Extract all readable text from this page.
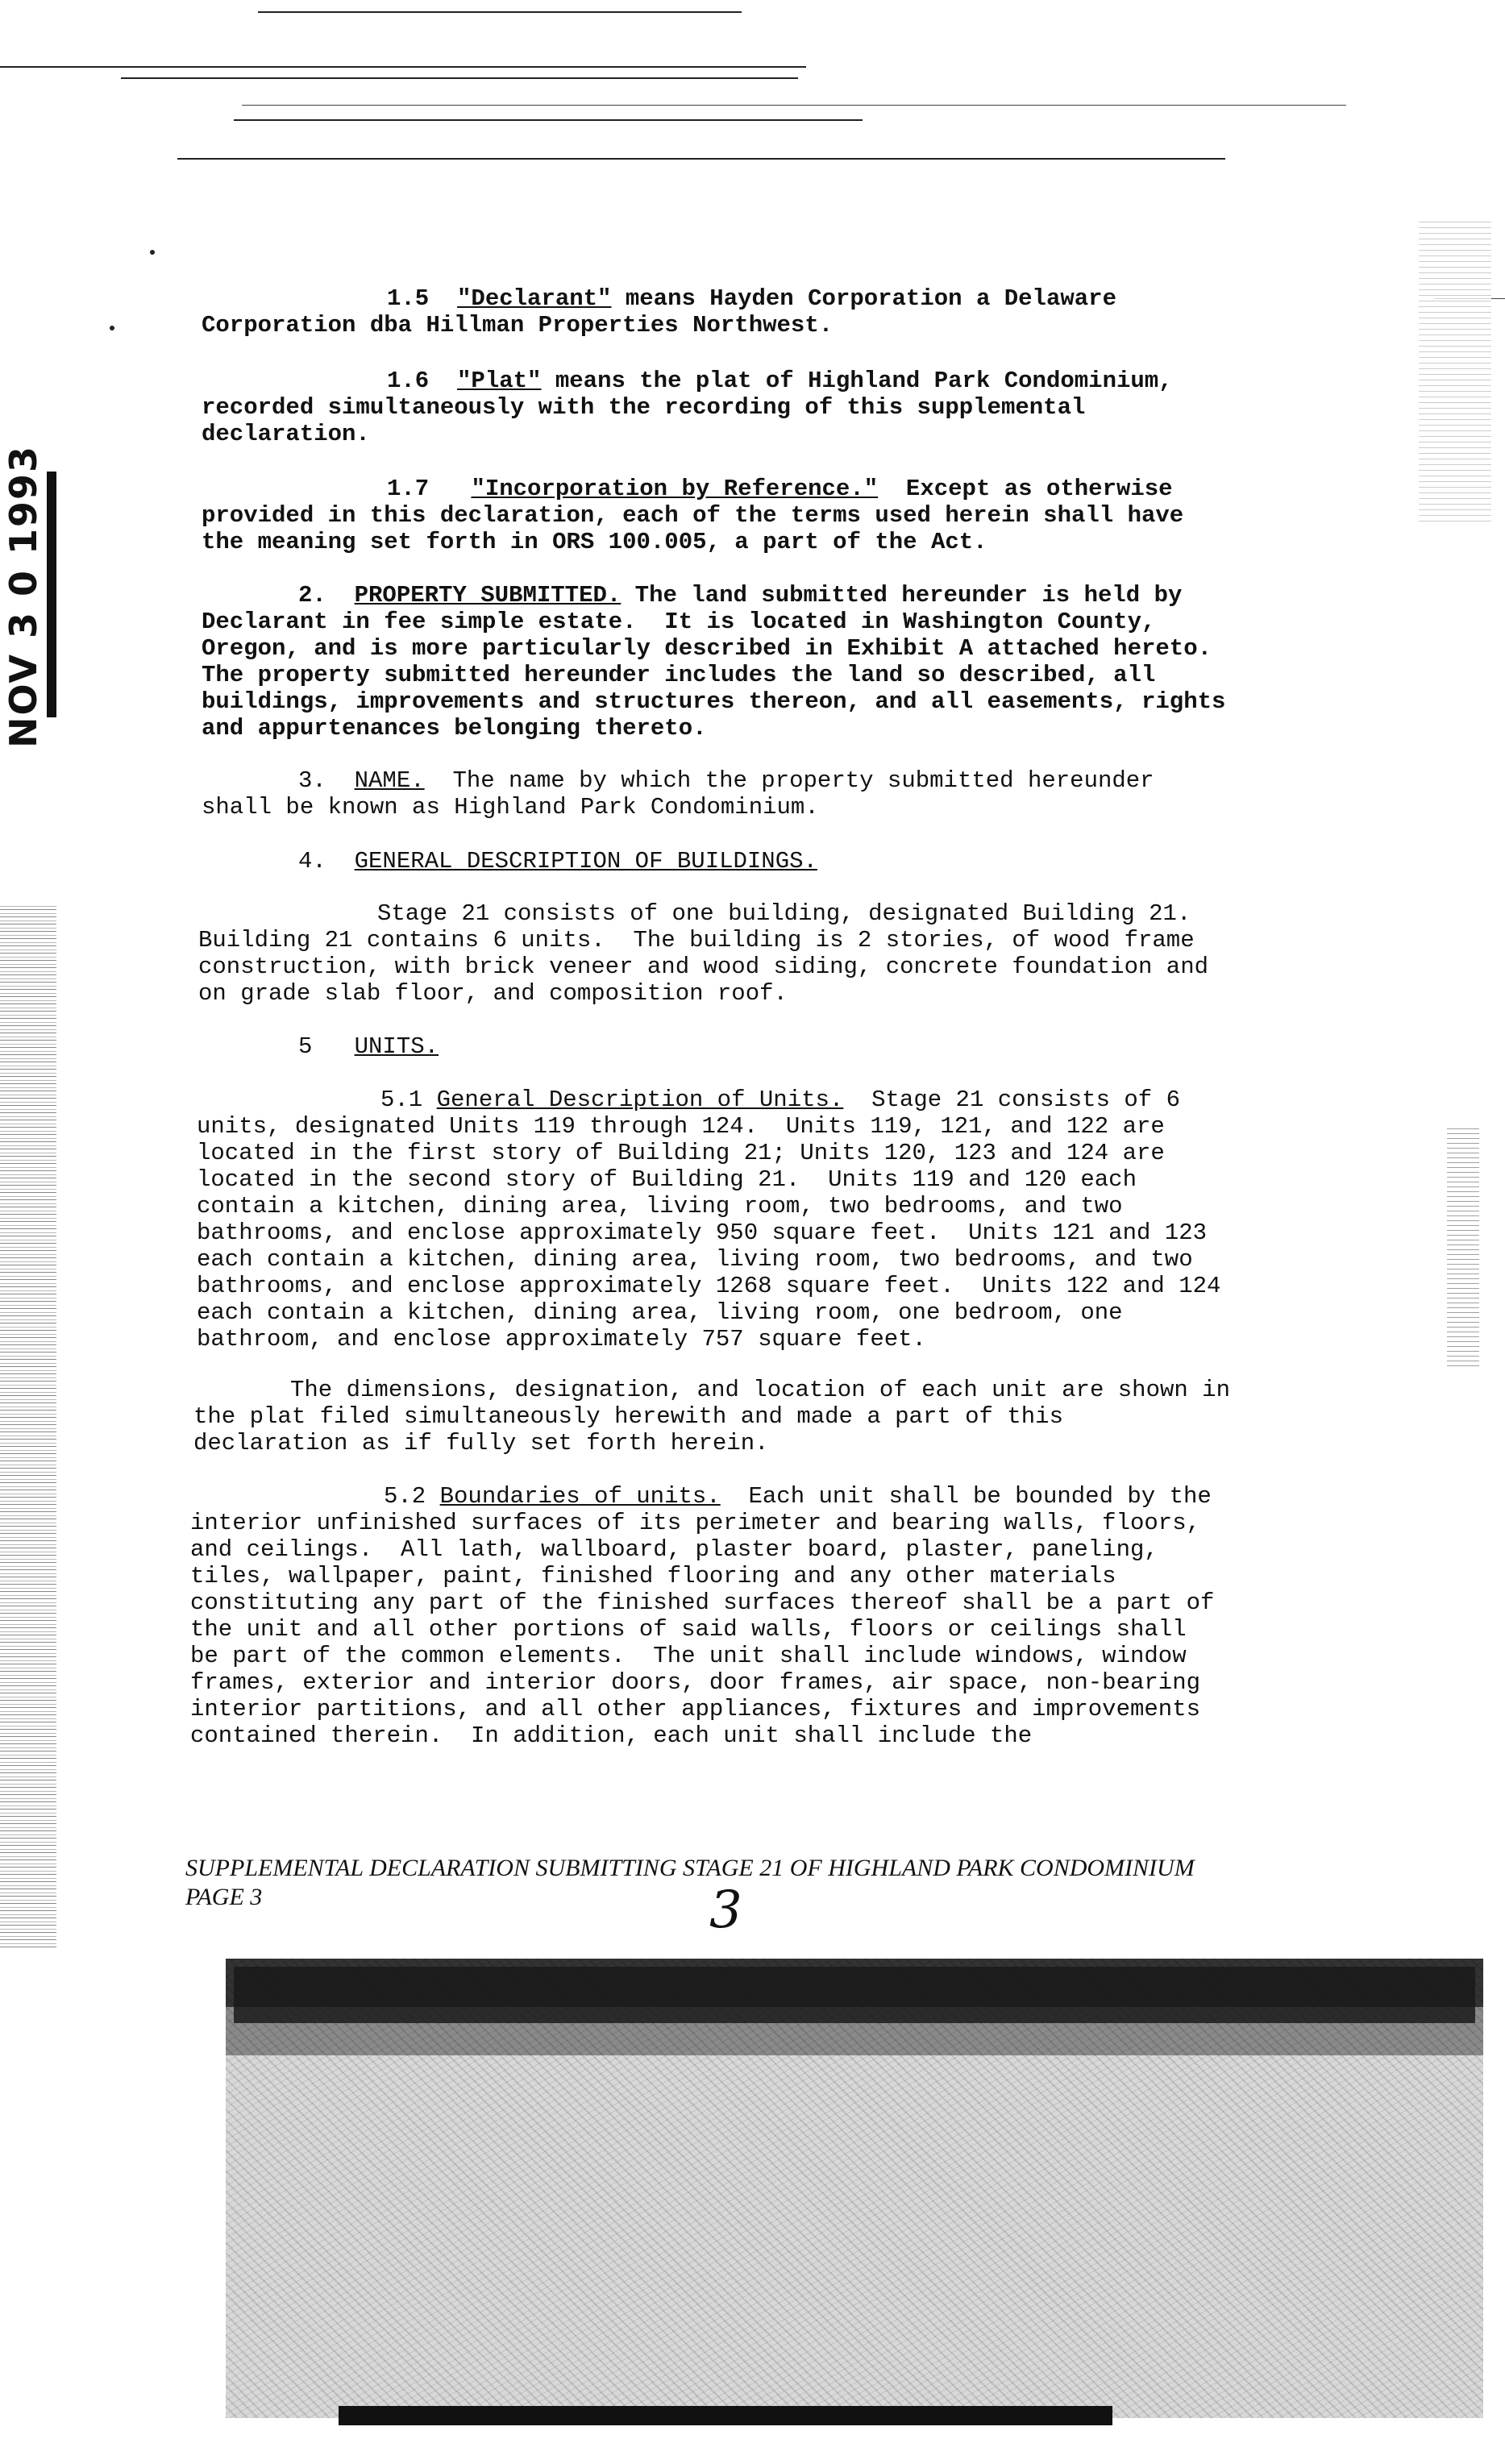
NOV 3 0 1993
1.5 "Declarant" means Hayden Corporation a Delaware
Corporation dba Hillman Properties Northwest.
1.6 "Plat" means the plat of Highland Park Condominium,
recorded simultaneously with the recording of this supplemental
declaration.
1.7 "Incorporation by Reference."  Except as otherwise
provided in this declaration, each of the terms used herein shall have
the meaning set forth in ORS 100.005, a part of the Act.
2. PROPERTY SUBMITTED. The land submitted hereunder is held by
Declarant in fee simple estate.  It is located in Washington County,
Oregon, and is more particularly described in Exhibit A attached hereto.
The property submitted hereunder includes the land so described, all
buildings, improvements and structures thereon, and all easements, rights
and appurtenances belonging thereto.
3. NAME.  The name by which the property submitted hereunder
shall be known as Highland Park Condominium.
4. GENERAL DESCRIPTION OF BUILDINGS.
Stage 21 consists of one building, designated Building 21.
Building 21 contains 6 units.  The building is 2 stories, of wood frame
construction, with brick veneer and wood siding, concrete foundation and
on grade slab floor, and composition roof.
5 UNITS.
5.1 General Description of Units.  Stage 21 consists of 6
units, designated Units 119 through 124.  Units 119, 121, and 122 are
located in the first story of Building 21; Units 120, 123 and 124 are
located in the second story of Building 21.  Units 119 and 120 each
contain a kitchen, dining area, living room, two bedrooms, and two
bathrooms, and enclose approximately 950 square feet.  Units 121 and 123
each contain a kitchen, dining area, living room, two bedrooms, and two
bathrooms, and enclose approximately 1268 square feet.  Units 122 and 124
each contain a kitchen, dining area, living room, one bedroom, one
bathroom, and enclose approximately 757 square feet.
The dimensions, designation, and location of each unit are shown in
the plat filed simultaneously herewith and made a part of this
declaration as if fully set forth herein.
5.2 Boundaries of units.  Each unit shall be bounded by the
interior unfinished surfaces of its perimeter and bearing walls, floors,
and ceilings.  All lath, wallboard, plaster board, plaster, paneling,
tiles, wallpaper, paint, finished flooring and any other materials
constituting any part of the finished surfaces thereof shall be a part of
the unit and all other portions of said walls, floors or ceilings shall
be part of the common elements.  The unit shall include windows, window
frames, exterior and interior doors, door frames, air space, non-bearing
interior partitions, and all other appliances, fixtures and improvements
contained therein.  In addition, each unit shall include the
SUPPLEMENTAL DECLARATION SUBMITTING STAGE 21 OF HIGHLAND PARK CONDOMINIUM
PAGE 3	3
